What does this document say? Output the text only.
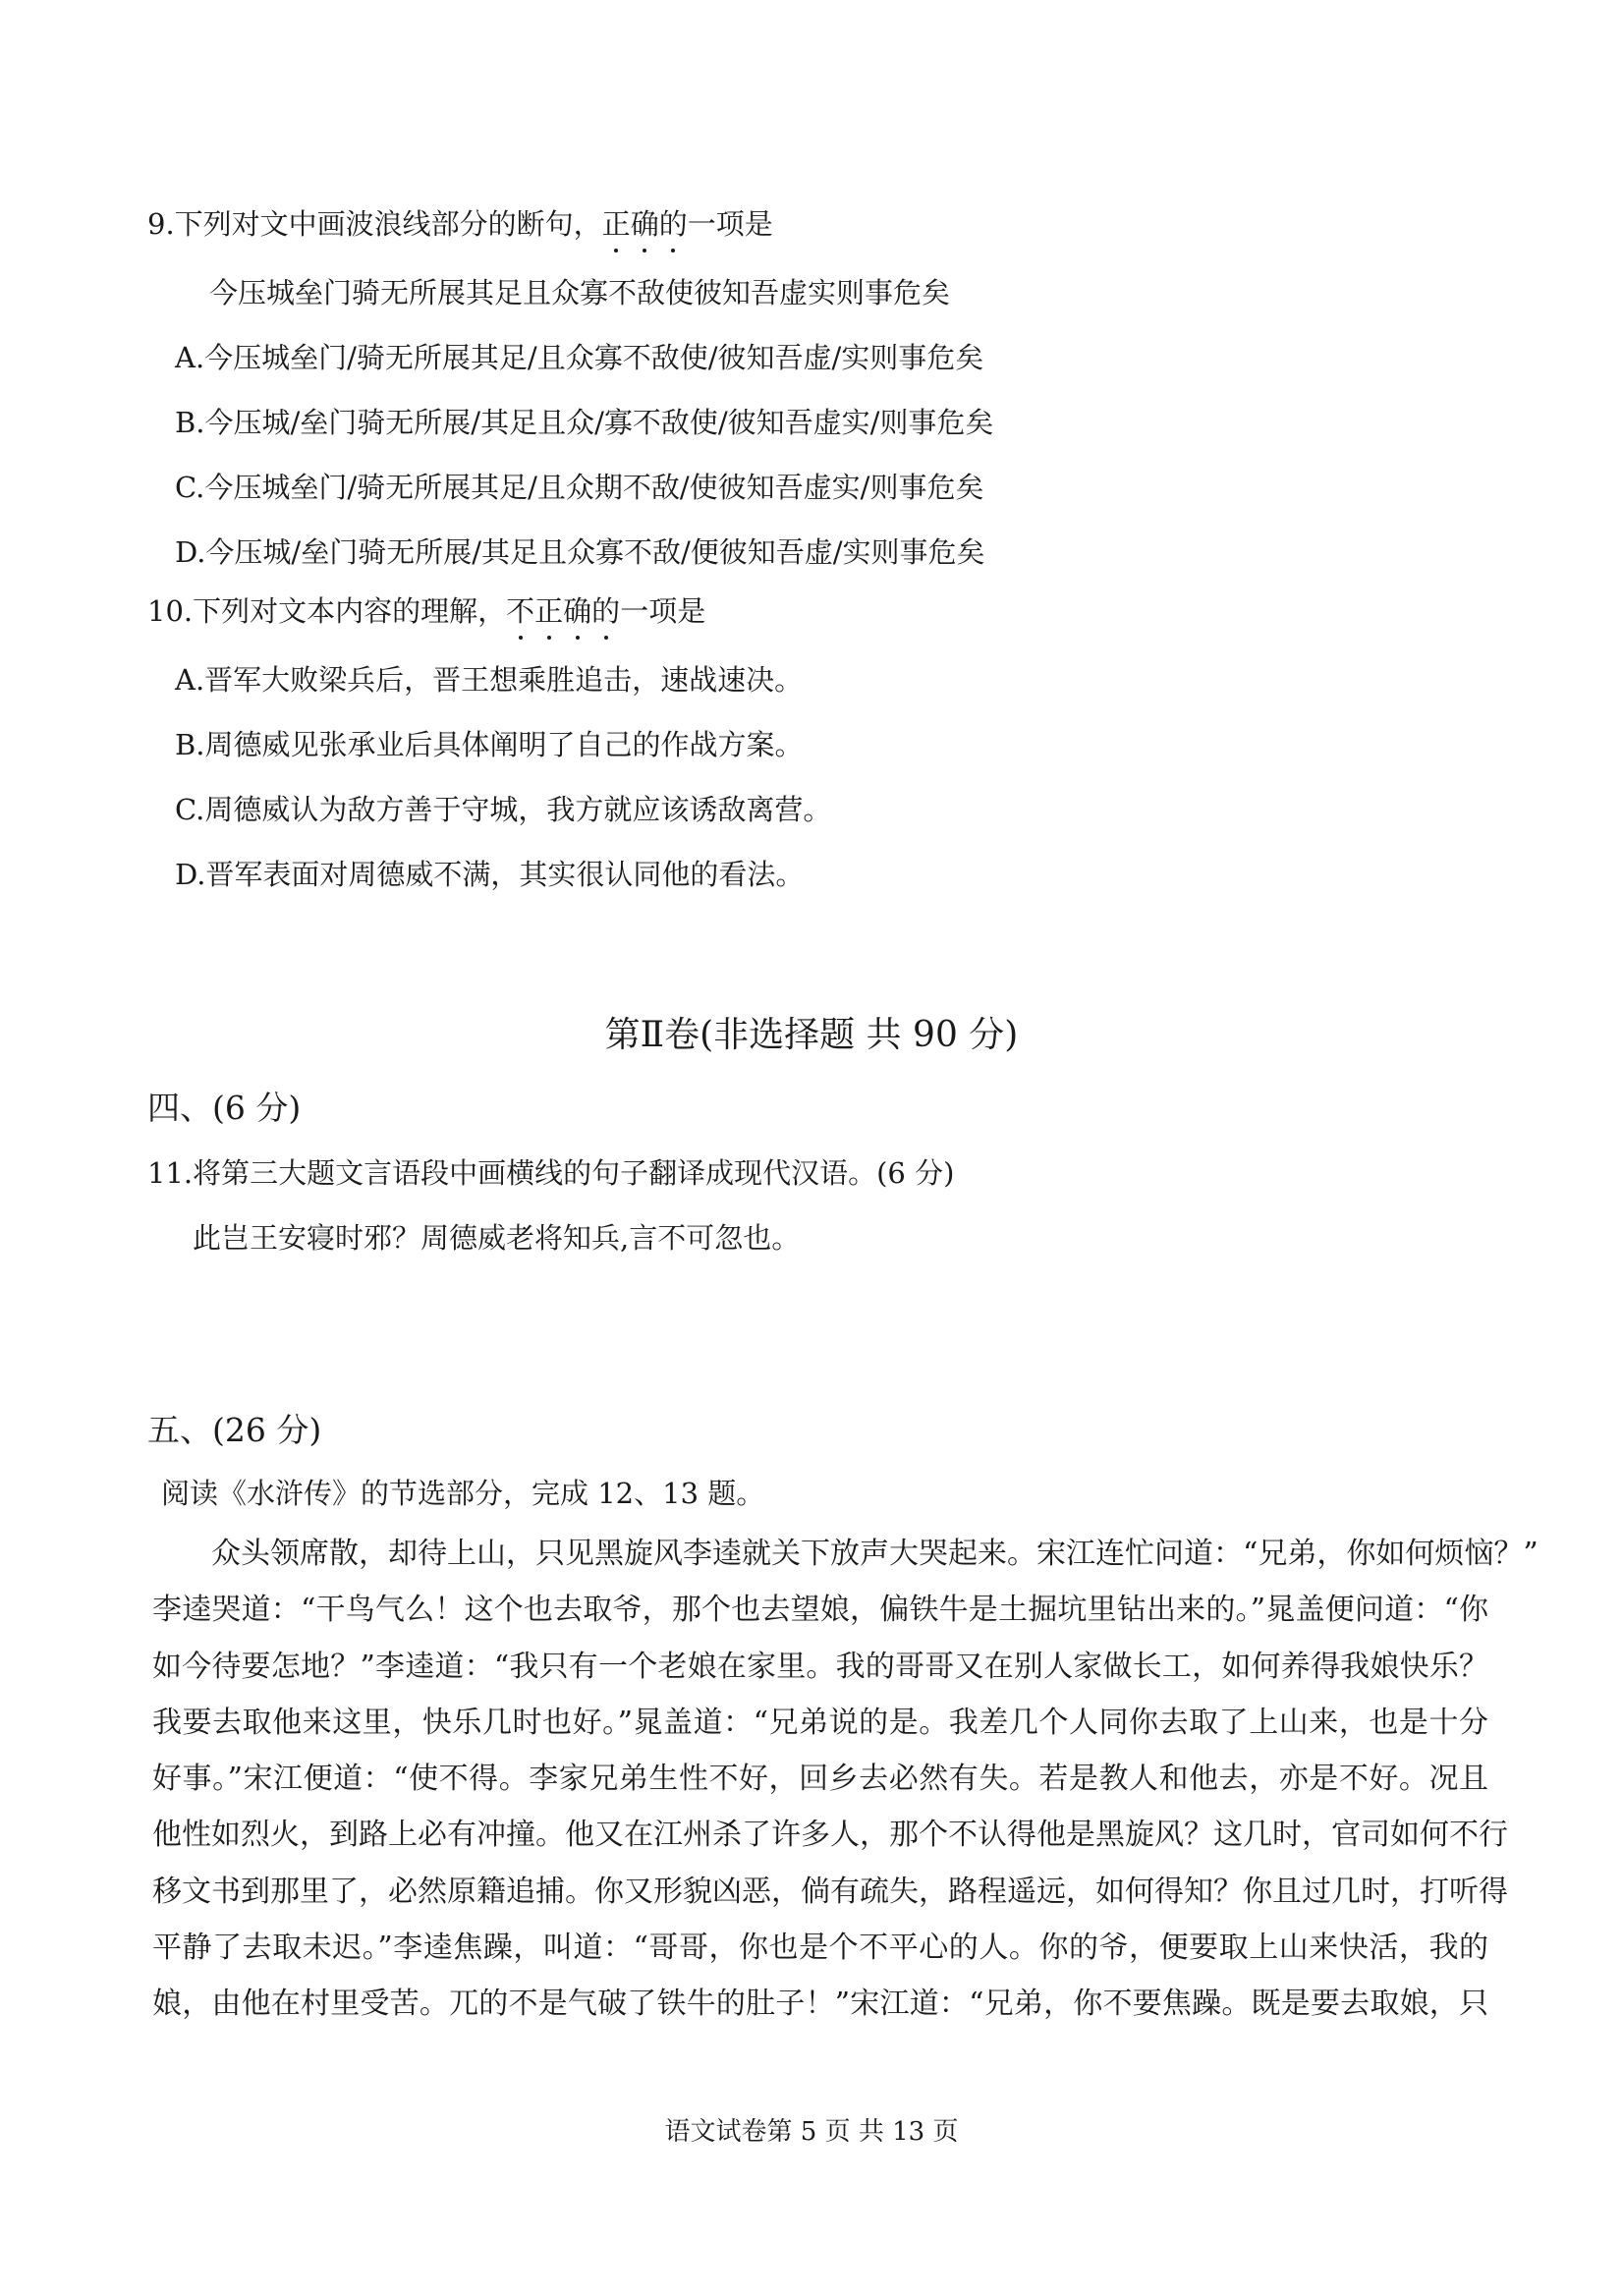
9.下列对文中画波浪线部分的断句，正确的一项是
今压城垒门骑无所展其足且众寡不敌使彼知吾虚实则事危矣
A.今压城垒门/骑无所展其足/且众寡不敌使/彼知吾虚/实则事危矣
B.今压城/垒门骑无所展/其足且众/寡不敌使/彼知吾虚实/则事危矣
C.今压城垒门/骑无所展其足/且众期不敌/使彼知吾虚实/则事危矣
D.今压城/垒门骑无所展/其足且众寡不敌/便彼知吾虚/实则事危矣
10.下列对文本内容的理解，不正确的一项是
A.晋军大败梁兵后，晋王想乘胜追击，速战速决。
B.周德威见张承业后具体阐明了自己的作战方案。
C.周德威认为敌方善于守城，我方就应该诱敌离营。
D.晋军表面对周德威不满，其实很认同他的看法。
第Ⅱ卷(非选择题 共 90 分)
四、(6 分)
11.将第三大题文言语段中画横线的句子翻译成现代汉语。(6 分)
此岂王安寝时邪？周德威老将知兵,言不可忽也。
五、(26 分)
阅读《水浒传》的节选部分，完成 12、13 题。
　　众头领席散，却待上山，只见黑旋风李逵就关下放声大哭起来。宋江连忙问道：“兄弟，你如何烦恼？”
李逵哭道：“干鸟气么！这个也去取爷，那个也去望娘，偏铁牛是土掘坑里钻出来的。”晁盖便问道：“你
如今待要怎地？”李逵道：“我只有一个老娘在家里。我的哥哥又在别人家做长工，如何养得我娘快乐？
我要去取他来这里，快乐几时也好。”晁盖道：“兄弟说的是。我差几个人同你去取了上山来，也是十分
好事。”宋江便道：“使不得。李家兄弟生性不好，回乡去必然有失。若是教人和他去，亦是不好。况且
他性如烈火，到路上必有冲撞。他又在江州杀了许多人，那个不认得他是黑旋风？这几时，官司如何不行
移文书到那里了，必然原籍追捕。你又形貌凶恶，倘有疏失，路程遥远，如何得知？你且过几时，打听得
平静了去取未迟。”李逵焦躁，叫道：“哥哥，你也是个不平心的人。你的爷，便要取上山来快活，我的
娘，由他在村里受苦。兀的不是气破了铁牛的肚子！”宋江道：“兄弟，你不要焦躁。既是要去取娘，只
语文试卷第 5 页 共 13 页
